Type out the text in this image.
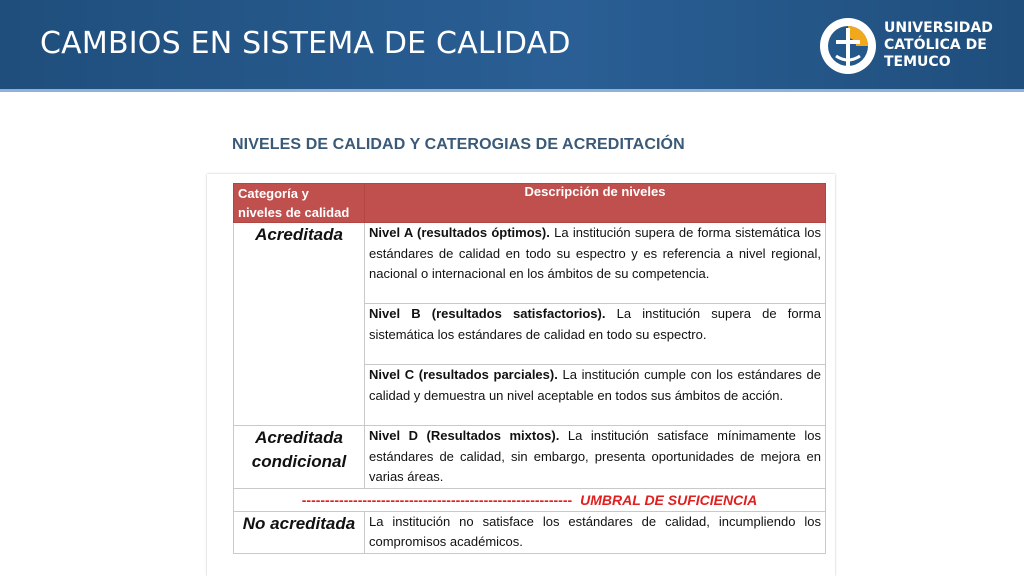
CAMBIOS EN SISTEMA DE CALIDAD	UNIVERSIDAD
CATÓLICA DE
TEMUCO
NIVELES DE CALIDAD Y CATEROGIAS DE ACREDITACIÓN
Categoría y
niveles de calidad	Descripción de niveles
Acreditada	Nivel A (resultados óptimos). La institución supera de forma sistemática los estándares de calidad en todo su espectro y es referencia a nivel regional, nacional o internacional en los ámbitos de su competencia.
	Nivel B (resultados satisfactorios). La institución supera de forma sistemática los estándares de calidad en todo su espectro.
	Nivel C (resultados parciales). La institución cumple con los estándares de calidad y demuestra un nivel aceptable en todos sus ámbitos de acción.

Acreditada
condicional	Nivel D (Resultados mixtos). La institución satisface mínimamente los estándares de calidad, sin embargo, presenta oportunidades de mejora en varias áreas.
---------------------------------------------------------- UMBRAL DE SUFICIENCIA	
No acreditada	La institución no satisface los estándares de calidad, incumpliendo los compromisos académicos.
